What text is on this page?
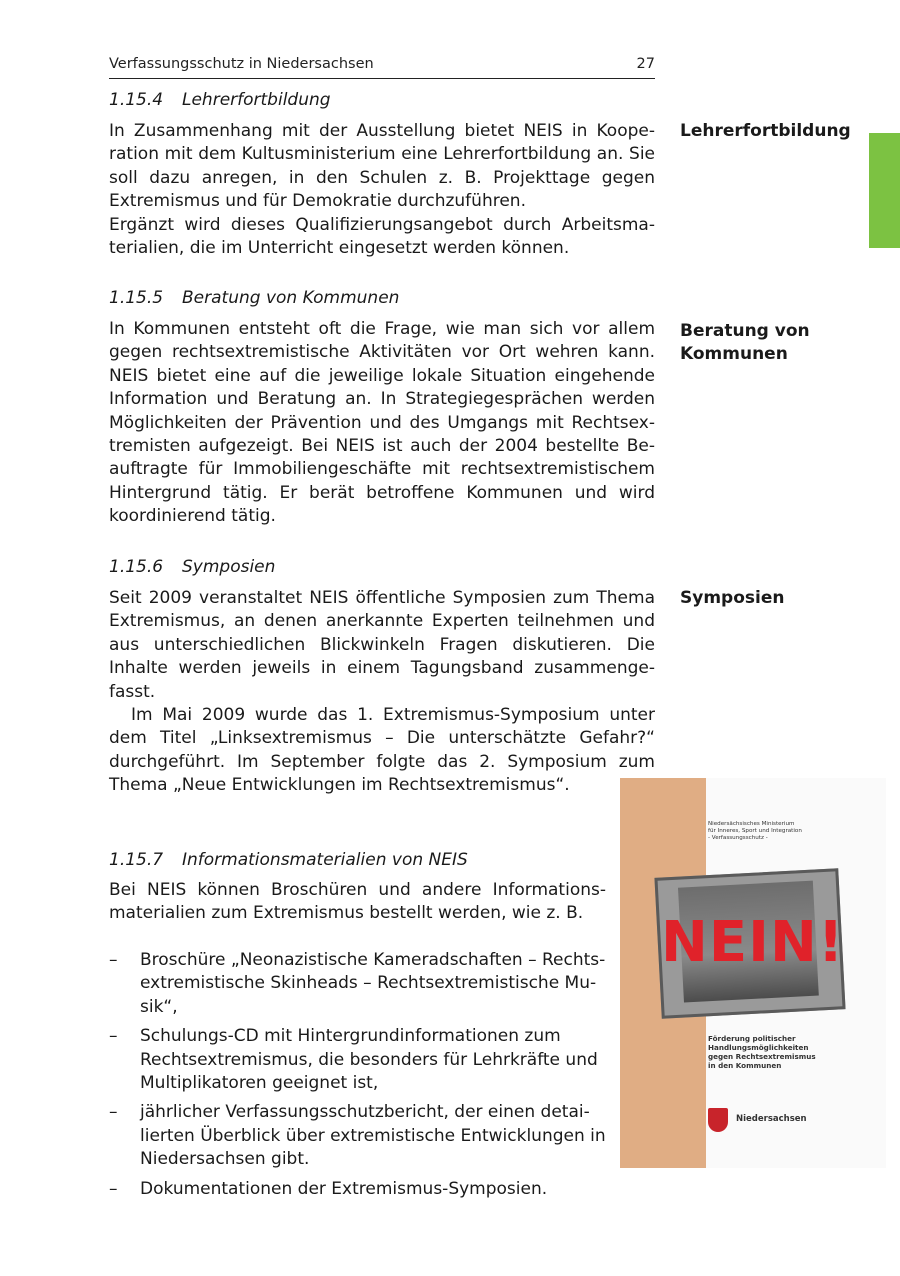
Verfassungsschutz in Niedersachsen	27
1.15.4 Lehrerfortbildung

In Zusammenhang mit der Ausstellung bietet NEIS in Kooperation mit dem Kultusministerium eine Lehrerfortbildung an. Sie soll dazu anregen, in den Schulen z. B. Projekttage gegen Extremismus und für Demokratie durchzuführen.

Ergänzt wird dieses Qualifizierungsangebot durch Arbeitsmaterialien, die im Unterricht eingesetzt werden können.

Lehrerfortbildung
1.15.5 Beratung von Kommunen

In Kommunen entsteht oft die Frage, wie man sich vor allem gegen rechtsextremistische Aktivitäten vor Ort wehren kann. NEIS bietet eine auf die jeweilige lokale Situation eingehende Information und Beratung an. In Strategiegesprächen werden Möglichkeiten der Prävention und des Umgangs mit Rechtsextremisten aufgezeigt. Bei NEIS ist auch der 2004 bestellte Beauftragte für Immobiliengeschäfte mit rechtsextremistischem Hintergrund tätig. Er berät betroffene Kommunen und wird koordinierend tätig.

Beratung von Kommunen
1.15.6 Symposien

Seit 2009 veranstaltet NEIS öffentliche Symposien zum Thema Extremismus, an denen anerkannte Experten teilnehmen und aus unterschiedlichen Blickwinkeln Fragen diskutieren. Die Inhalte werden jeweils in einem Tagungsband zusammengefasst.

Im Mai 2009 wurde das 1. Extremismus-Symposium unter dem Titel „Linksextremismus – Die unterschätzte Gefahr?“ durchgeführt. Im September folgte das 2. Symposium zum Thema „Neue Entwicklungen im Rechtsextremismus“.

Symposien
1.15.7 Informationsmaterialien von NEIS

Bei NEIS können Broschüren und andere Informationsmaterialien zum Extremismus bestellt werden, wie z. B.

– Broschüre „Neonazistische Kameradschaften – Rechtsextremistische Skinheads – Rechtsextremistische Musik“,
– Schulungs-CD mit Hintergrundinformationen zum Rechtsextremismus, die besonders für Lehrkräfte und Multiplikatoren geeignet ist,
– jährlicher Verfassungsschutzbericht, der einen detailierten Überblick über extremistische Entwicklungen in Niedersachsen gibt.
– Dokumentationen der Extremismus-Symposien.
Niedersächsisches Ministerium
für Inneres, Sport und Integration
- Verfassungsschutz -
NEIN!
Förderung politischer
Handlungsmöglichkeiten
gegen Rechtsextremismus
in den Kommunen
Niedersachsen
